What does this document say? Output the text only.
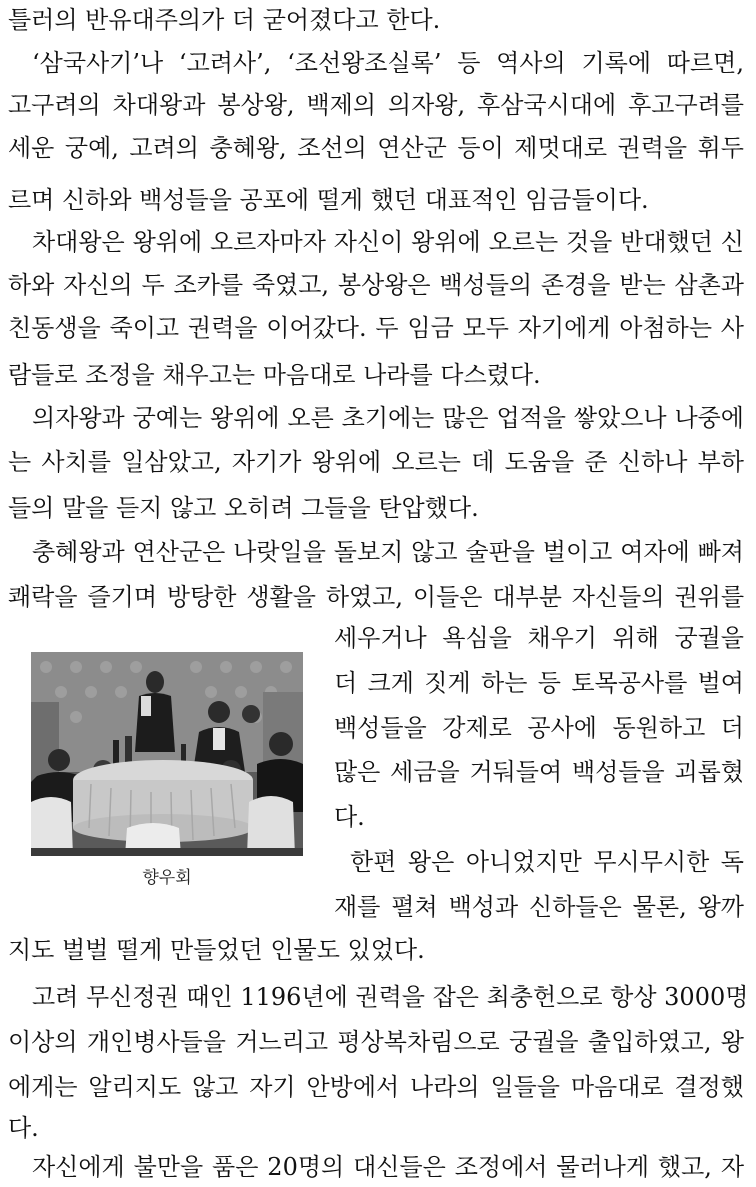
틀러의 반유대주의가 더 굳어졌다고 한다.
‘삼국사기’나 ‘고려사’, ‘조선왕조실록’ 등 역사의 기록에 따르면,
고구려의 차대왕과 봉상왕, 백제의 의자왕, 후삼국시대에 후고구려를
세운 궁예, 고려의 충혜왕, 조선의 연산군 등이 제멋대로 권력을 휘두
르며 신하와 백성들을 공포에 떨게 했던 대표적인 임금들이다.
차대왕은 왕위에 오르자마자 자신이 왕위에 오르는 것을 반대했던 신
하와 자신의 두 조카를 죽였고, 봉상왕은 백성들의 존경을 받는 삼촌과
친동생을 죽이고 권력을 이어갔다. 두 임금 모두 자기에게 아첨하는 사
람들로 조정을 채우고는 마음대로 나라를 다스렸다.
의자왕과 궁예는 왕위에 오른 초기에는 많은 업적을 쌓았으나 나중에
는 사치를 일삼았고, 자기가 왕위에 오르는 데 도움을 준 신하나 부하
들의 말을 듣지 않고 오히려 그들을 탄압했다.
충혜왕과 연산군은 나랏일을 돌보지 않고 술판을 벌이고 여자에 빠져
쾌락을 즐기며 방탕한 생활을 하였고, 이들은 대부분 자신들의 권위를
세우거나 욕심을 채우기 위해 궁궐을
더 크게 짓게 하는 등 토목공사를 벌여
백성들을 강제로 공사에 동원하고 더
많은 세금을 거둬들여 백성들을 괴롭혔
다.
한편 왕은 아니었지만 무시무시한 독
재를 펼쳐 백성과 신하들은 물론, 왕까
지도 벌벌 떨게 만들었던 인물도 있었다.
고려 무신정권 때인 1196년에 권력을 잡은 최충헌으로 항상 3000명
이상의 개인병사들을 거느리고 평상복차림으로 궁궐을 출입하였고, 왕
에게는 알리지도 않고 자기 안방에서 나라의 일들을 마음대로 결정했
다.
자신에게 불만을 품은 20명의 대신들은 조정에서 물러나게 했고, 자
향우회
